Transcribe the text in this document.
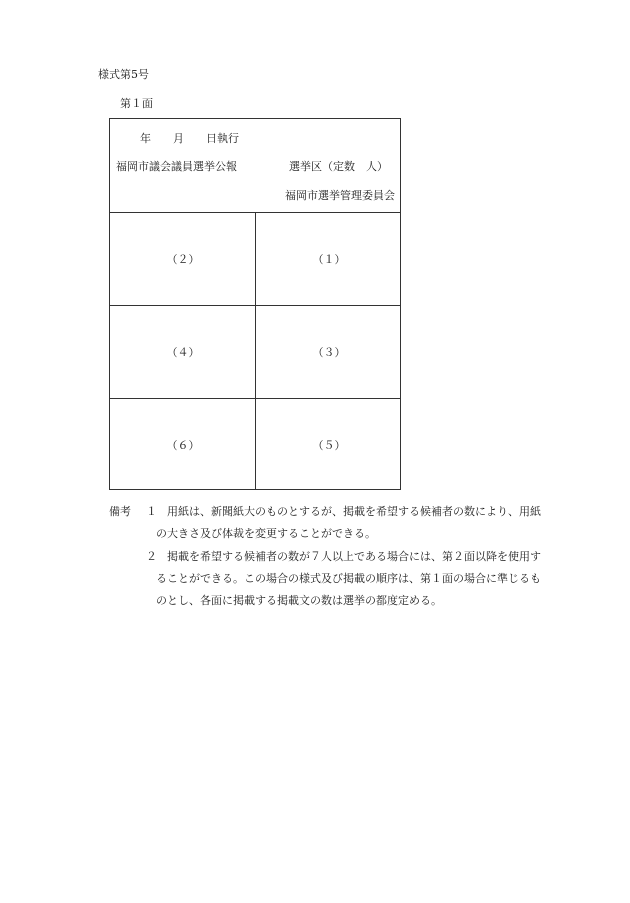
様式第5号
第１面
年 月 日執行
福岡市議会議員選挙公報	選挙区（定数　人）
福岡市選挙管理委員会
（２）	（１）
（４）	（３）
（６）	（５）
備考 １ 用紙は、新聞紙大のものとするが、掲載を希望する候補者の数により、用紙
の大きさ及び体裁を変更することができる。
２ 掲載を希望する候補者の数が７人以上である場合には、第２面以降を使用す
ることができる。この場合の様式及び掲載の順序は、第１面の場合に準じるも
のとし、各面に掲載する掲載文の数は選挙の都度定める。
